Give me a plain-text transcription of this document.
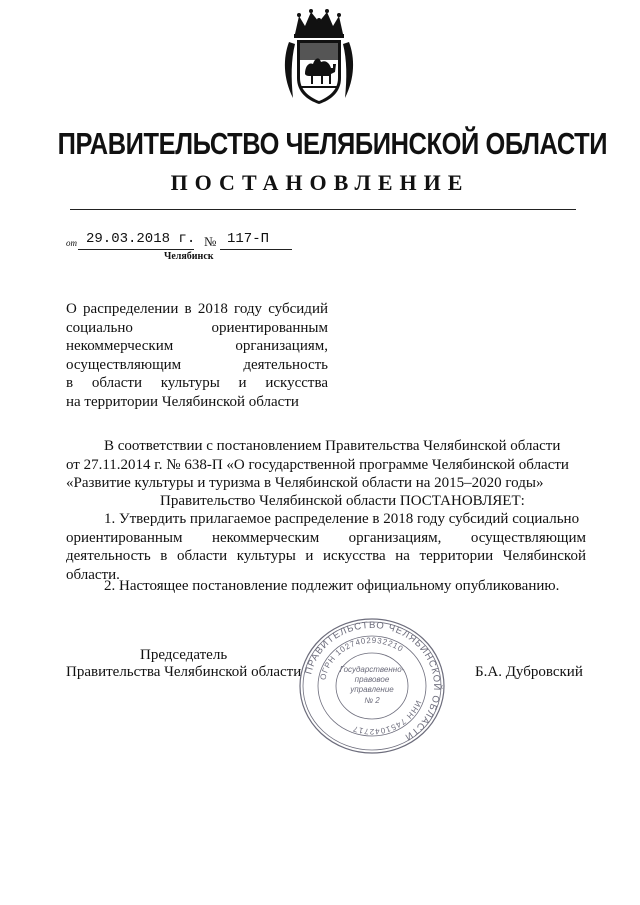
ПРАВИТЕЛЬСТВО ЧЕЛЯБИНСКОЙ ОБЛАСТИ
ПОСТАНОВЛЕНИЕ
от 29.03.2018 г. № 117-П
Челябинск
О распределении в 2018 году субсидий
социально ориентированным
некоммерческим организациям,
осуществляющим деятельность
в области культуры и искусства
на территории Челябинской области
В соответствии с постановлением Правительства Челябинской области
от 27.11.2014 г. № 638-П «О государственной программе Челябинской области
«Развитие культуры и туризма в Челябинской области на 2015–2020 годы»
Правительство Челябинской области ПОСТАНОВЛЯЕТ:
1. Утвердить прилагаемое распределение в 2018 году субсидий социально
ориентированным некоммерческим организациям, осуществляющим
деятельность в области культуры и искусства на территории Челябинской
области.
2. Настоящее постановление подлежит официальному опубликованию.
Председатель
Правительства Челябинской области	Б.А. Дубровский
ПРАВИТЕЛЬСТВО ЧЕЛЯБИНСКОЙ ОБЛАСТИ
ОГРН 1027402932210
ИНН 7451042717
Государственно-
правовое
управление
№ 2
